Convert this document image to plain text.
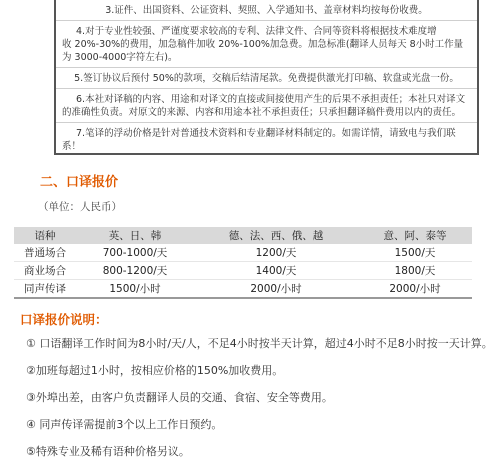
3.证件、出国资料、公证资料、契照、入学通知书、盖章材料均按每份收费。
4.对于专业性较强、严谨度要求较高的专利、法律文件、合同等资料将根据技术难度增
收 20%-30%的费用，加急稿件加收 20%-100%加急费。加急标准(翻译人员每天 8小时工作量
为 3000-4000字符左右)。
5.签订协议后预付 50%的款项，交稿后结清尾款。免费提供激光打印稿、软盘或光盘一份。
6.本社对译稿的内容、用途和对译文的直接或间接使用产生的后果不承担责任；本社只对译文
的准确性负责。对原文的来源、内容和用途本社不承担责任；只承担翻译稿件费用以内的责任。
7.笔译的浮动价格是针对普通技术资料和专业翻译材料制定的。如需详情，请致电与我们联
系！
二、口译报价
（单位：人民币）
语种	英、日、韩	德、法、西、俄、越	意、阿、泰等
普通场合	700-1000/天	1200/天	1500/天
商业场合	800-1200/天	1400/天	1800/天
同声传译	1500/小时	2000/小时	2000/小时
口译报价说明：
① 口语翻译工作时间为8小时/天/人，不足4小时按半天计算，超过4小时不足8小时按一天计算。
②加班每超过1小时，按相应价格的150%加收费用。
③外埠出差，由客户负责翻译人员的交通、食宿、安全等费用。
④ 同声传译需提前3个以上工作日预约。
⑤特殊专业及稀有语种价格另议。
